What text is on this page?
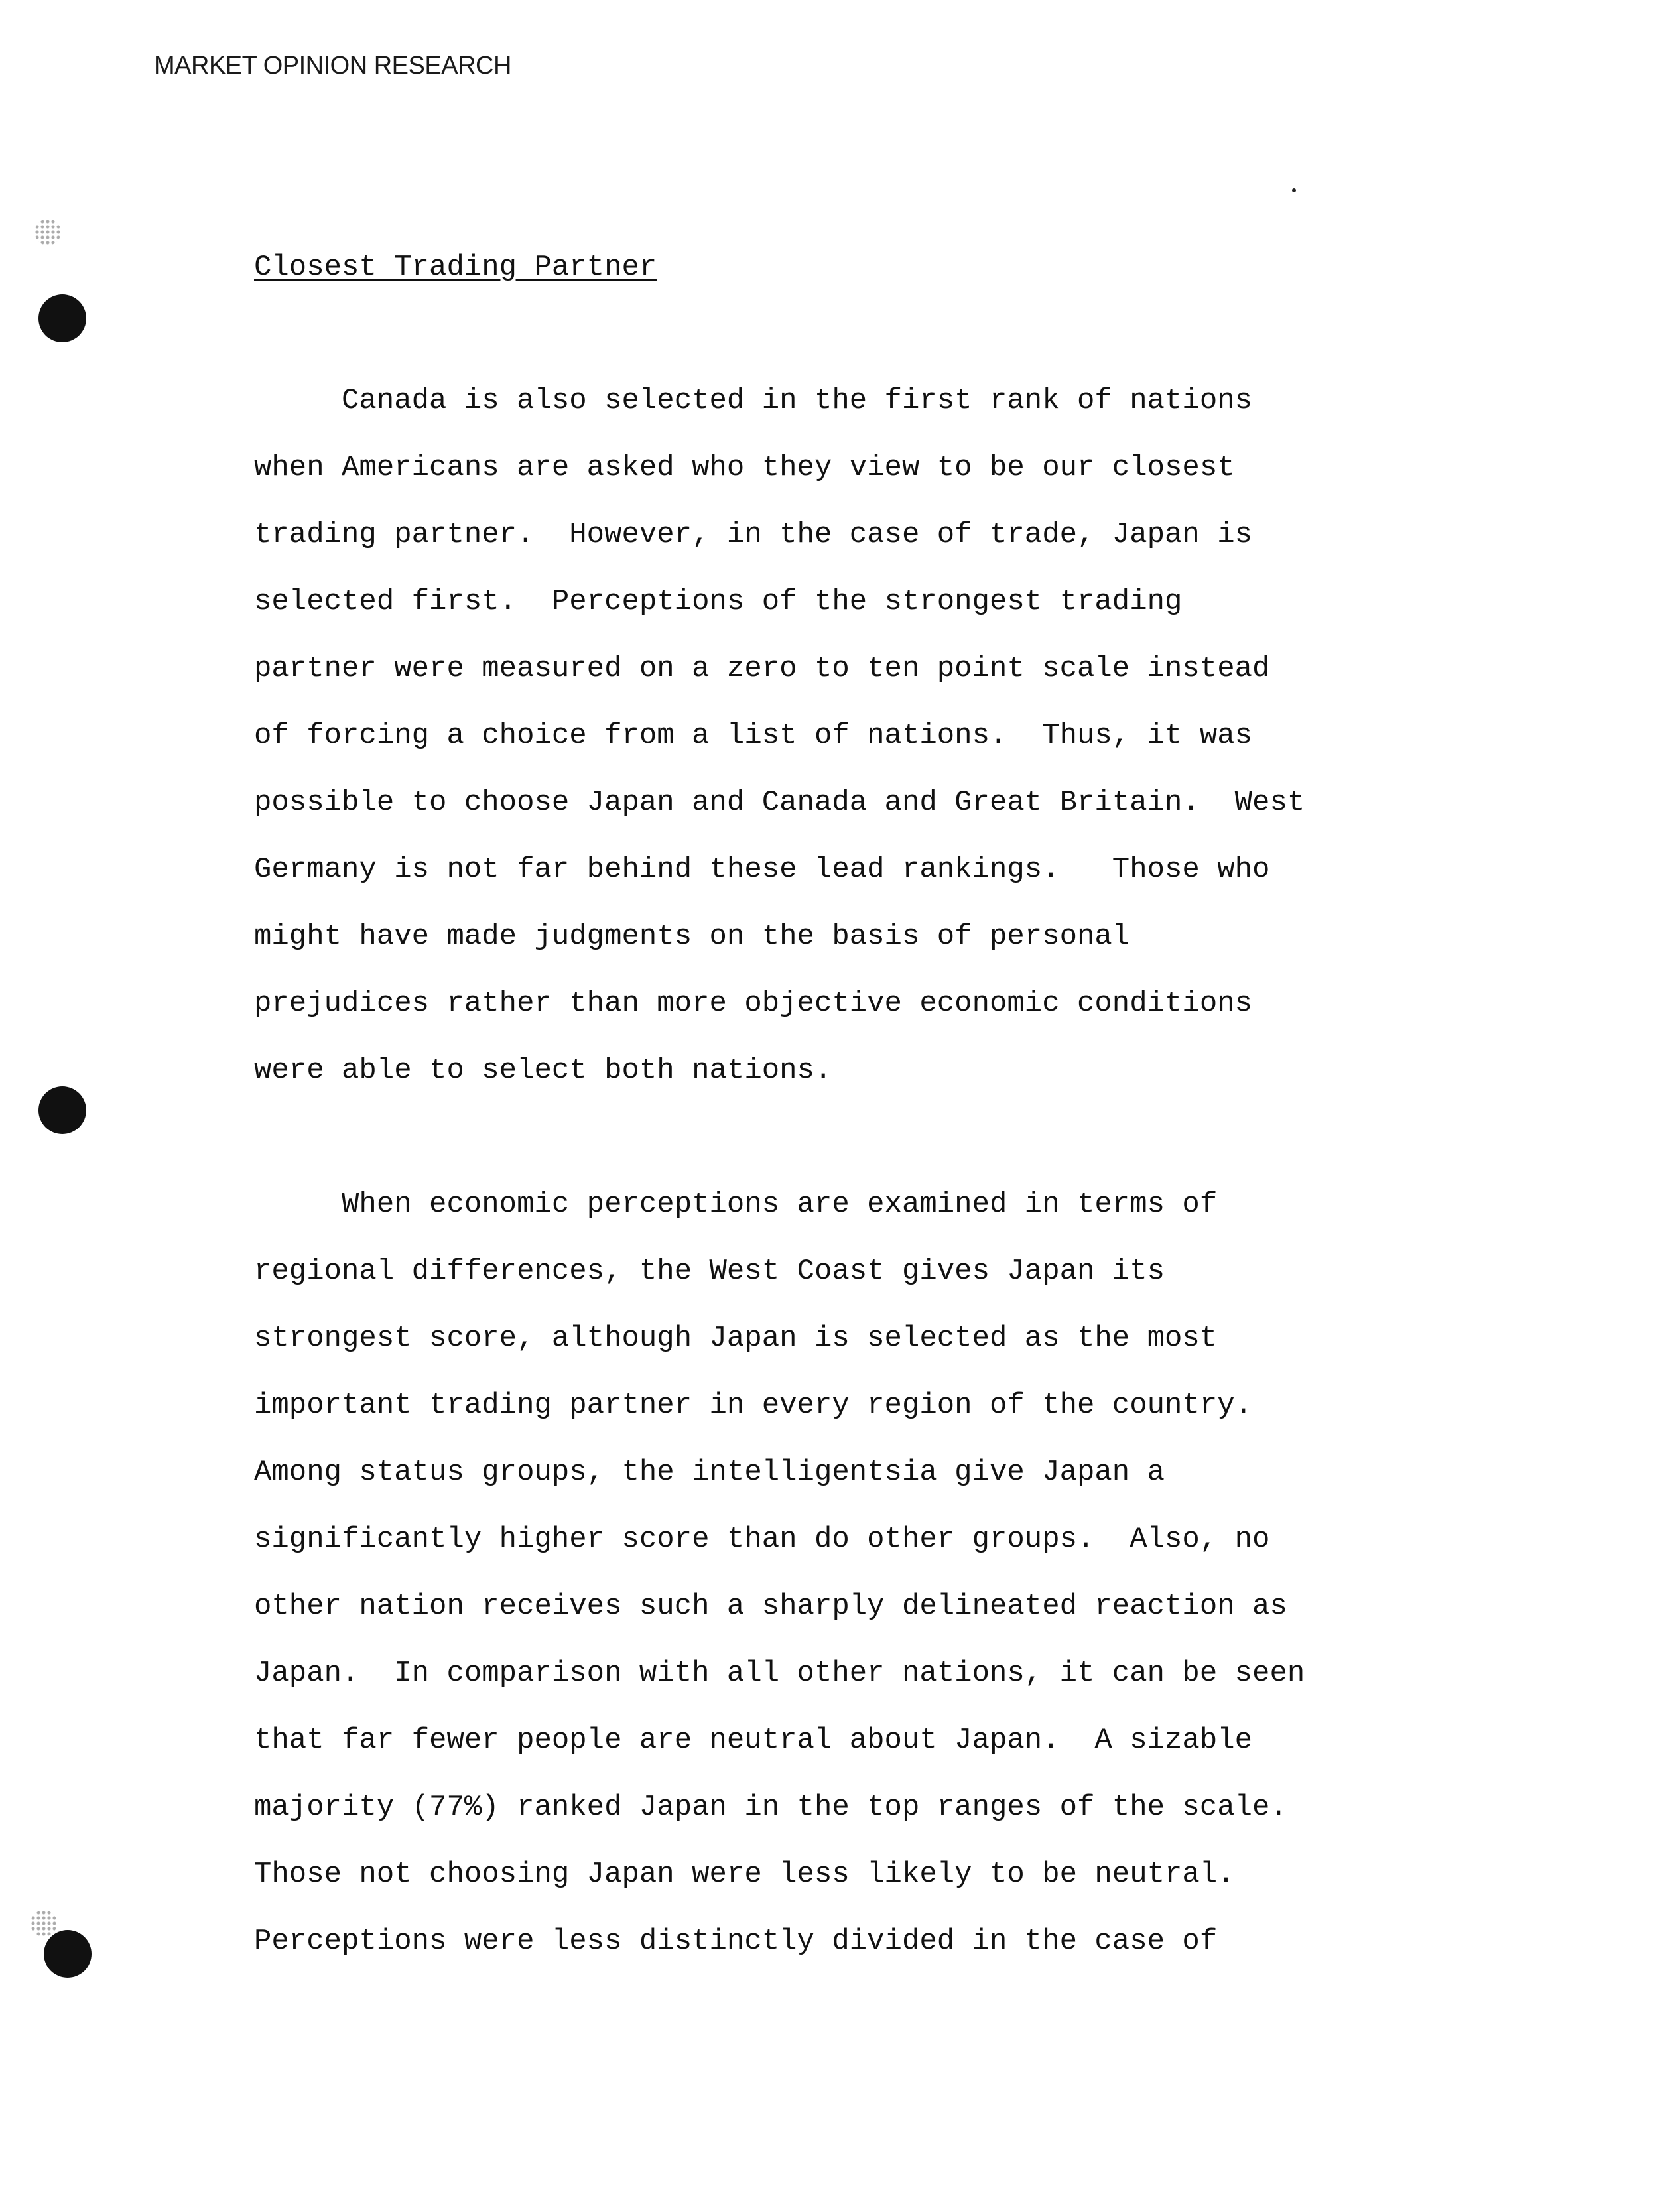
MARKET OPINION RESEARCH
Closest Trading Partner
Canada is also selected in the first rank of nations
when Americans are asked who they view to be our closest
trading partner.  However, in the case of trade, Japan is
selected first.  Perceptions of the strongest trading
partner were measured on a zero to ten point scale instead
of forcing a choice from a list of nations.  Thus, it was
possible to choose Japan and Canada and Great Britain.  West
Germany is not far behind these lead rankings.   Those who
might have made judgments on the basis of personal
prejudices rather than more objective economic conditions
were able to select both nations.
When economic perceptions are examined in terms of
regional differences, the West Coast gives Japan its
strongest score, although Japan is selected as the most
important trading partner in every region of the country.
Among status groups, the intelligentsia give Japan a
significantly higher score than do other groups.  Also, no
other nation receives such a sharply delineated reaction as
Japan.  In comparison with all other nations, it can be seen
that far fewer people are neutral about Japan.  A sizable
majority (77%) ranked Japan in the top ranges of the scale.
Those not choosing Japan were less likely to be neutral.
Perceptions were less distinctly divided in the case of
